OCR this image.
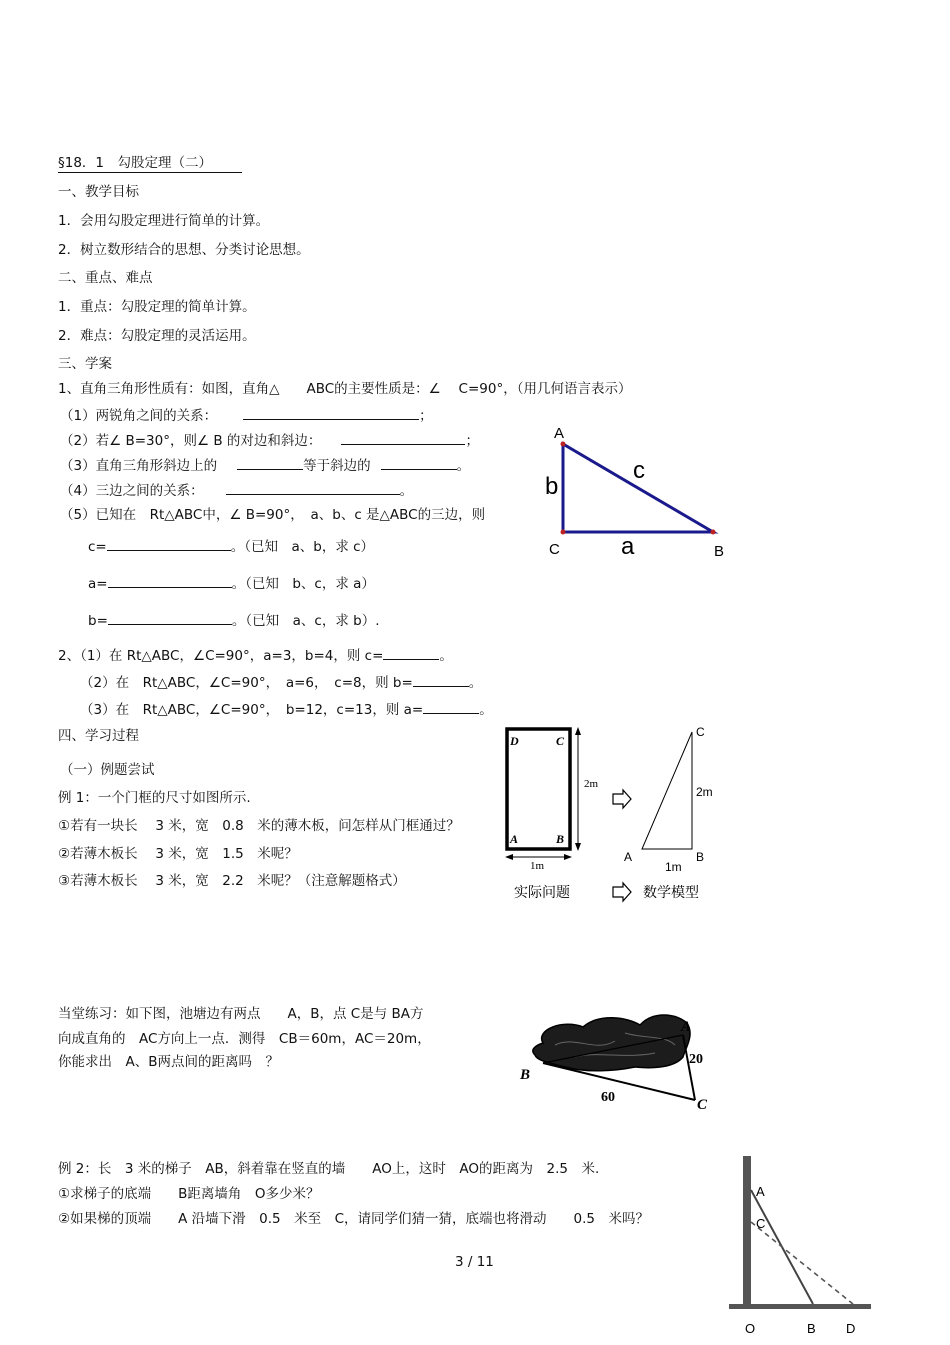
§18．1　勾股定理（二）
一、教学目标
1．会用勾股定理进行简单的计算。
2．树立数形结合的思想、分类讨论思想。
二、重点、难点
1．重点：勾股定理的简单计算。
2．难点：勾股定理的灵活运用。
三、学案
1、直角三角形性质有：如图，直角△　　ABC的主要性质是：∠　 C=90°，（用几何语言表示）
（1）两锐角之间的关系：	；
（2）若∠ B=30°，则∠ B 的对边和斜边：	；
（3）直角三角形斜边上的	等于斜边的	。
（4）三边之间的关系：	。
（5）已知在　Rt△ABC中，∠ B=90°，　a、b、c 是△ABC的三边，则
c=	。（已知　a、b，求 c）
a=	。（已知　b、c，求 a）
b=	。（已知　a、c，求 b）.
2、（1）在 Rt△ABC，∠C=90°，a=3，b=4，则 c=	。
（2）在　Rt△ABC，∠C=90°，　a=6，　c=8，则 b=	。
（3）在　Rt△ABC，∠C=90°，　b=12，c=13，则 a=	。
四、学习过程
（一）例题尝试
例 1：一个门框的尺寸如图所示.
①若有一块长　 3 米，宽　0.8　米的薄木板，问怎样从门框通过？
②若薄木板长　 3 米，宽　1.5　米呢？
③若薄木板长　 3 米，宽　2.2　米呢？（注意解题格式）
当堂练习：如下图，池塘边有两点　　A，B，点 C是与 BA方
向成直角的　AC方向上一点．测得　CB＝60m，AC＝20m，
你能求出　A、B两点间的距离吗　？
例 2：长　3 米的梯子　AB，斜着靠在竖直的墙　　AO上，这时　AO的距离为　2.5　米.
①求梯子的底端　　B距离墙角　O多少米？
②如果梯的顶端　　A 沿墙下滑　0.5　米至　C，请同学们猜一猜，底端也将滑动　　0.5　米吗？
3 / 11
A
C	B
b
c
a
D	C
A	B
2m
1m
C
2m
A	B
1m
实际问题	数学模型
A
B
C
20
60
A
C
O	B D
